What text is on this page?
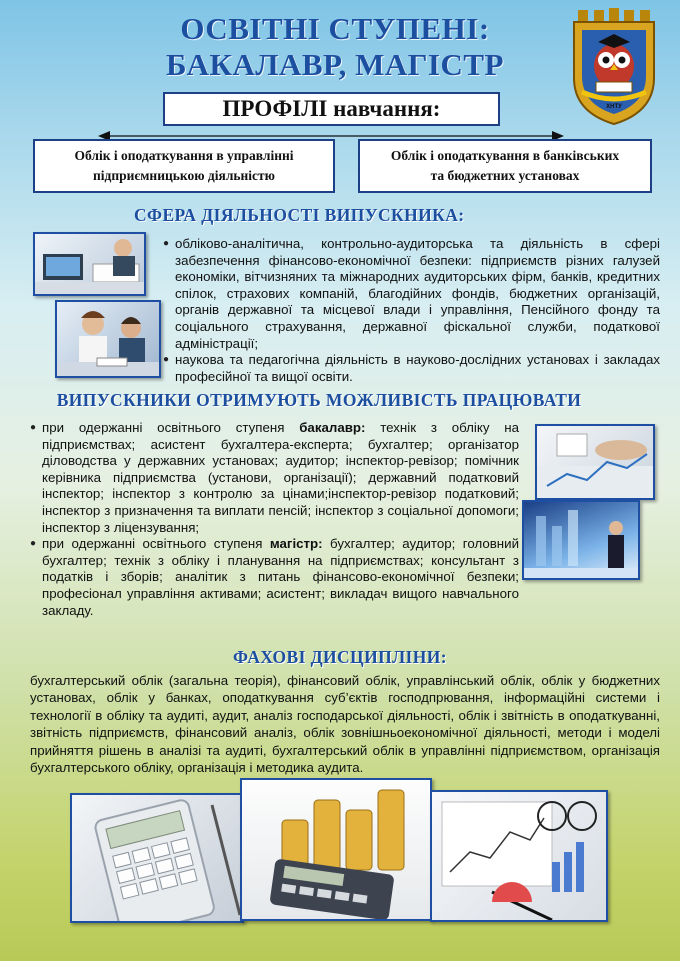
ОСВІТНІ СТУПЕНІ:
БАКАЛАВР, МАГІСТР
ХНТУ
ПРОФІЛІ навчання:
Облік і оподаткування в управлінні
підприємницькою діяльністю
Облік і оподаткування в банківських
та бюджетних установах
СФЕРА ДІЯЛЬНОСТІ ВИПУСКНИКА:
● обліково-аналітична, контрольно-аудиторська та діяльність в сфері забезпечення фінансово-економічної безпеки: підприємств різних галузей економіки, вітчизняних та міжнародних аудиторських фірм, банків, кредитних спілок, страхових компаній, благодійних фондів, бюджетних організацій, органів державної та місцевої влади і управління, Пенсійного фонду та соціального страхування, державної фіскальної служби, податкової адміністрації;
● наукова та педагогічна діяльність в науково-дослідних установах і закладах професійної та вищої освіти.
ВИПУСКНИКИ ОТРИМУЮТЬ МОЖЛИВІСТЬ ПРАЦЮВАТИ
● при одержанні освітнього ступеня бакалавр: технік з обліку на підприємствах; асистент бухгалтера-експерта; бухгалтер; організатор діловодства у державних установах; аудитор; інспектор-ревізор; помічник керівника підприємства (установи, організації); державний податковий інспектор; інспектор з контролю за цінами;інспектор-ревізор податковий; інспектор з призначення та виплати пенсій; інспектор з соціальної допомоги; інспектор з ліцензування;
● при одержанні освітнього ступеня магістр: бухгалтер; аудитор; головний бухгалтер; технік з обліку і планування на підприємствах; консультант з податків і зборів; аналітик з питань фінансово-економічної безпеки; професіонал управління активами; асистент; викладач вищого навчального закладу.
ФАХОВІ ДИСЦИПЛІНИ:
бухгалтерський облік (загальна теорія), фінансовий облік, управлінський облік, облік у бюджетних установах, облік у банках, оподаткування суб’єктів господпрювання, інформаційні системи і технології в обліку та аудиті, аудит, аналіз господарської діяльності, облік і звітність в оподаткуванні, звітність підприємств, фінансовий аналіз, облік зовнішньоекономічної діяльності, методи і моделі прийняття рішень в аналізі та аудиті, бухгалтерський облік в управлінні підприємством, організація бухгалтерського обліку, організація і методика аудита.
